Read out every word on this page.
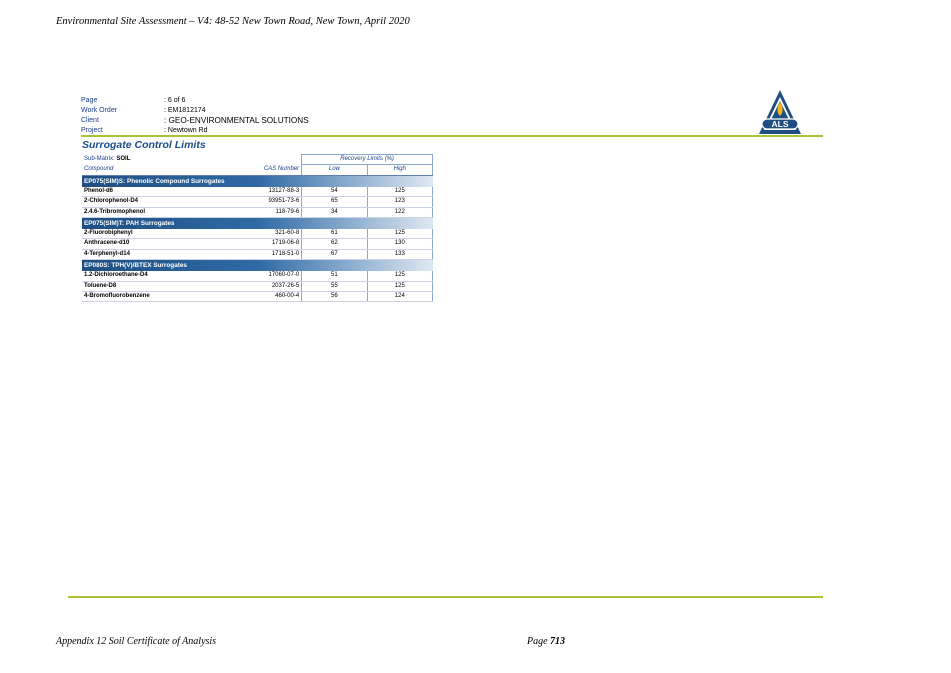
Environmental Site Assessment – V4: 48-52 New Town Road, New Town, April 2020
Page	: 6 of 6
Work Order	: EM1812174
Client	: GEO-ENVIRONMENTAL SOLUTIONS
Project	: Newtown Rd
ALS
Surrogate Control Limits
Sub-Matrix: SOIL		Recovery Limits (%)	
Compound	CAS Number	Low	High
EP075(SIM)S: Phenolic Compound Surrogates			
Phenol-d6	13127-88-3	54	125
2-Chlorophenol-D4	93951-73-6	65	123
2.4.6-Tribromophenol	118-79-6	34	122
EP075(SIM)T: PAH Surrogates			
2-Fluorobiphenyl	321-60-8	61	125
Anthracene-d10	1719-06-8	62	130
4-Terphenyl-d14	1718-51-0	67	133
EP080S: TPH(V)/BTEX Surrogates			
1.2-Dichloroethane-D4	17060-07-0	51	125
Toluene-D8	2037-26-5	55	125
4-Bromofluorobenzene	460-00-4	56	124
Appendix 12 Soil Certificate of Analysis	Page 713
